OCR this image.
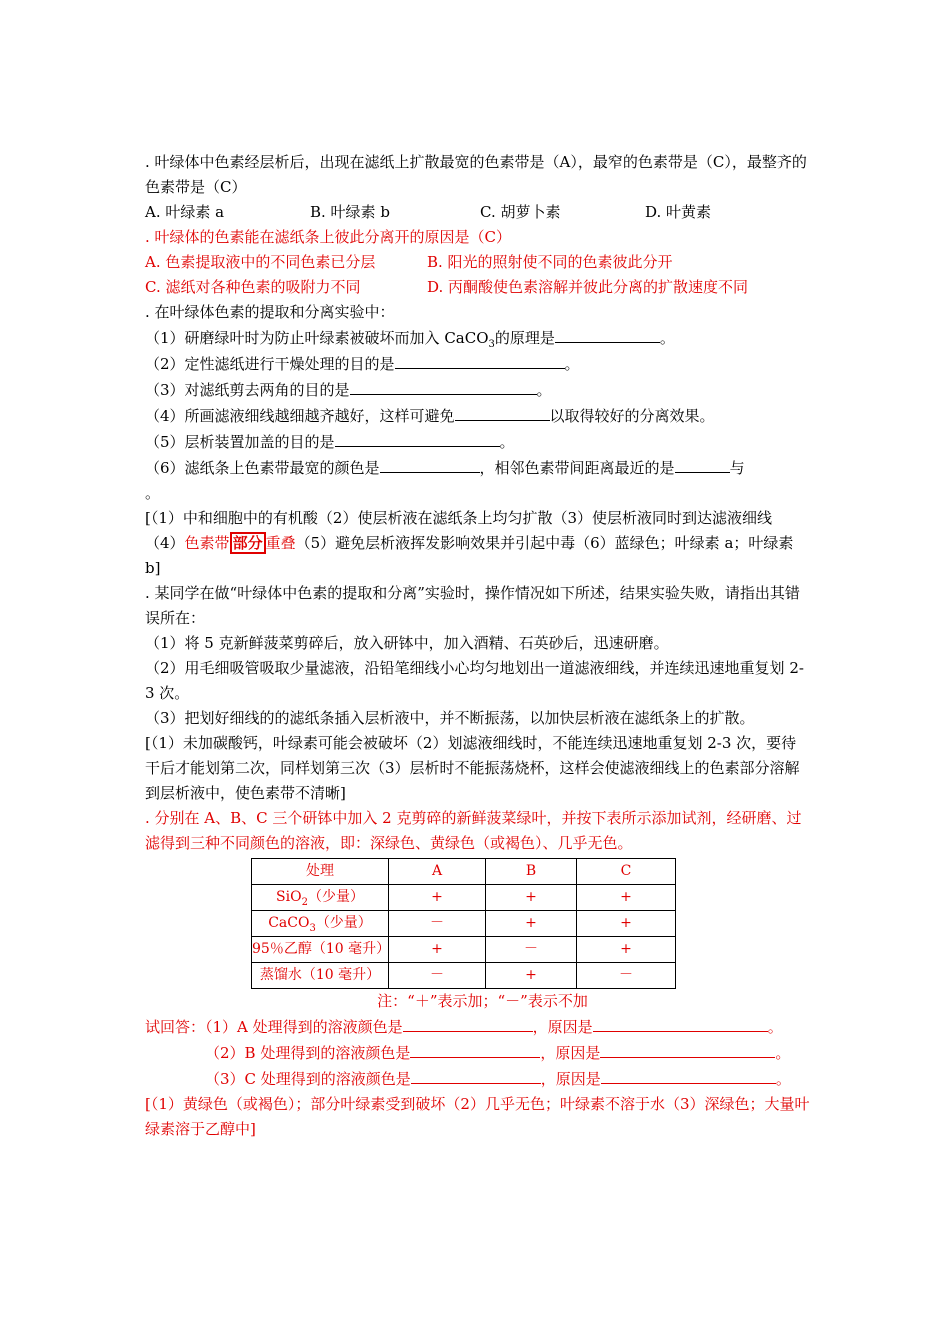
. 叶绿体中色素经层析后，出现在滤纸上扩散最宽的色素带是（A），最窄的色素带是（C），最整齐的色素带是（C）

A. 叶绿素 a	B. 叶绿素 b	C. 胡萝卜素	D. 叶黄素

. 叶绿体的色素能在滤纸条上彼此分离开的原因是（C）

A. 色素提取液中的不同色素已分层	B. 阳光的照射使不同的色素彼此分开
C. 滤纸对各种色素的吸附力不同	D. 丙酮酸使色素溶解并彼此分离的扩散速度不同

. 在叶绿体色素的提取和分离实验中：

（1）研磨绿叶时为防止叶绿素被破坏而加入 CaCO$_3$的原理是	。

（2）定性滤纸进行干燥处理的目的是	。

（3）对滤纸剪去两角的目的是	。

（4）所画滤液细线越细越齐越好，这样可避免	以取得较好的分离效果。

（5）层析装置加盖的目的是	。

（6）滤纸条上色素带最宽的颜色是	，相邻色素带间距离最近的是	与

。

[（1）中和细胞中的有机酸（2）使层析液在滤纸条上均匀扩散（3）使层析液同时到达滤液细线

（4）色素带 部分 重叠（5）避免层析液挥发影响效果并引起中毒（6）蓝绿色；叶绿素 a；叶绿素

b]

. 某同学在做“叶绿体中色素的提取和分离”实验时，操作情况如下所述，结果实验失败，请指出其错误所在：

（1）将 5 克新鲜菠菜剪碎后，放入研钵中，加入酒精、石英砂后，迅速研磨。

（2）用毛细吸管吸取少量滤液，沿铅笔细线小心均匀地划出一道滤液细线，并连续迅速地重复划 2-3 次。

（3）把划好细线的的滤纸条插入层析液中，并不断振荡，以加快层析液在滤纸条上的扩散。

[（1）未加碳酸钙，叶绿素可能会被破坏（2）划滤液细线时，不能连续迅速地重复划 2-3 次，要待干后才能划第二次，同样划第三次（3）层析时不能振荡烧杯，这样会使滤液细线上的色素部分溶解到层析液中，使色素带不清晰]

. 分别在 A、B、C 三个研钵中加入 2 克剪碎的新鲜菠菜绿叶，并按下表所示添加试剂，经研磨、过滤得到三种不同颜色的溶液，即：深绿色、黄绿色（或褐色）、几乎无色。

处理	A	B	C
SiO$_2$（少量）	+	+	+
CaCO$_3$（少量）	－	+	+
95％乙醇（10 毫升）	+	－	+
蒸馏水（10 毫升）	－	+	－

注：“＋”表示加；“－”表示不加

试回答：（1）A 处理得到的溶液颜色是	，原因是	。

（2）B 处理得到的溶液颜色是	，原因是	。

（3）C 处理得到的溶液颜色是	，原因是	。

[（1）黄绿色（或褐色）；部分叶绿素受到破坏（2）几乎无色；叶绿素不溶于水（3）深绿色；大量叶绿素溶于乙醇中]
